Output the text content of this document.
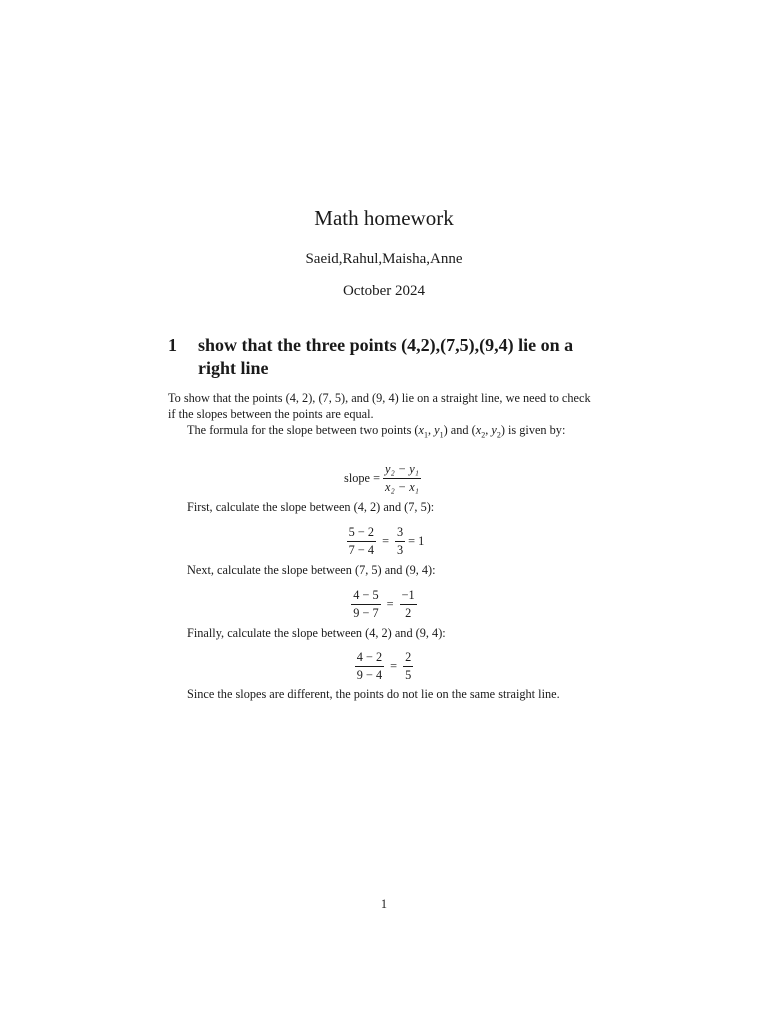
Math homework
Saeid,Rahul,Maisha,Anne
October 2024
1 show that the three points (4,2),(7,5),(9,4) lie on a right line
To show that the points (4, 2), (7, 5), and (9, 4) lie on a straight line, we need to check if the slopes between the points are equal.
The formula for the slope between two points ($x_1$, $y_1$) and ($x_2$, $y_2$) is given by:
slope = $\frac{\text{y₂ − y₁}}{\text{x₂ − x₁}}$
First, calculate the slope between (4, 2) and (7, 5):
$\frac{5 - 2}{7 - 4} = \frac{3}{3} = 1$
Next, calculate the slope between (7, 5) and (9, 4):
$\frac{4 - 5}{9 - 7} = \frac{-1}{2}$
Finally, calculate the slope between (4, 2) and (9, 4):
$\frac{4 - 2}{9 - 4} = \frac{2}{5}$
Since the slopes are different, the points do not lie on the same straight line.
1
